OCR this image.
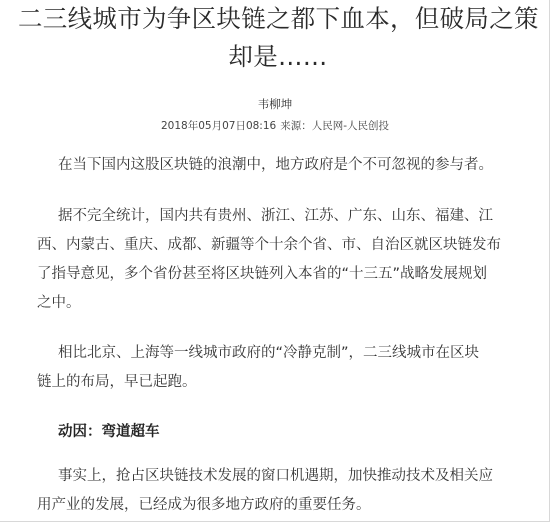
二三线城市为争区块链之都下血本，但破局之策
却是……
韦柳坤
2018年05月07日08:16 来源：人民网-人民创投

在当下国内这股区块链的浪潮中，地方政府是个不可忽视的参与者。

据不完全统计，国内共有贵州、浙江、江苏、广东、山东、福建、江
西、内蒙古、重庆、成都、新疆等个十余个省、市、自治区就区块链发布
了指导意见，多个省份甚至将区块链列入本省的“十三五”战略发展规划
之中。

相比北京、上海等一线城市政府的“冷静克制”，二三线城市在区块
链上的布局，早已起跑。

动因：弯道超车

事实上，抢占区块链技术发展的窗口机遇期，加快推动技术及相关应
用产业的发展，已经成为很多地方政府的重要任务。
